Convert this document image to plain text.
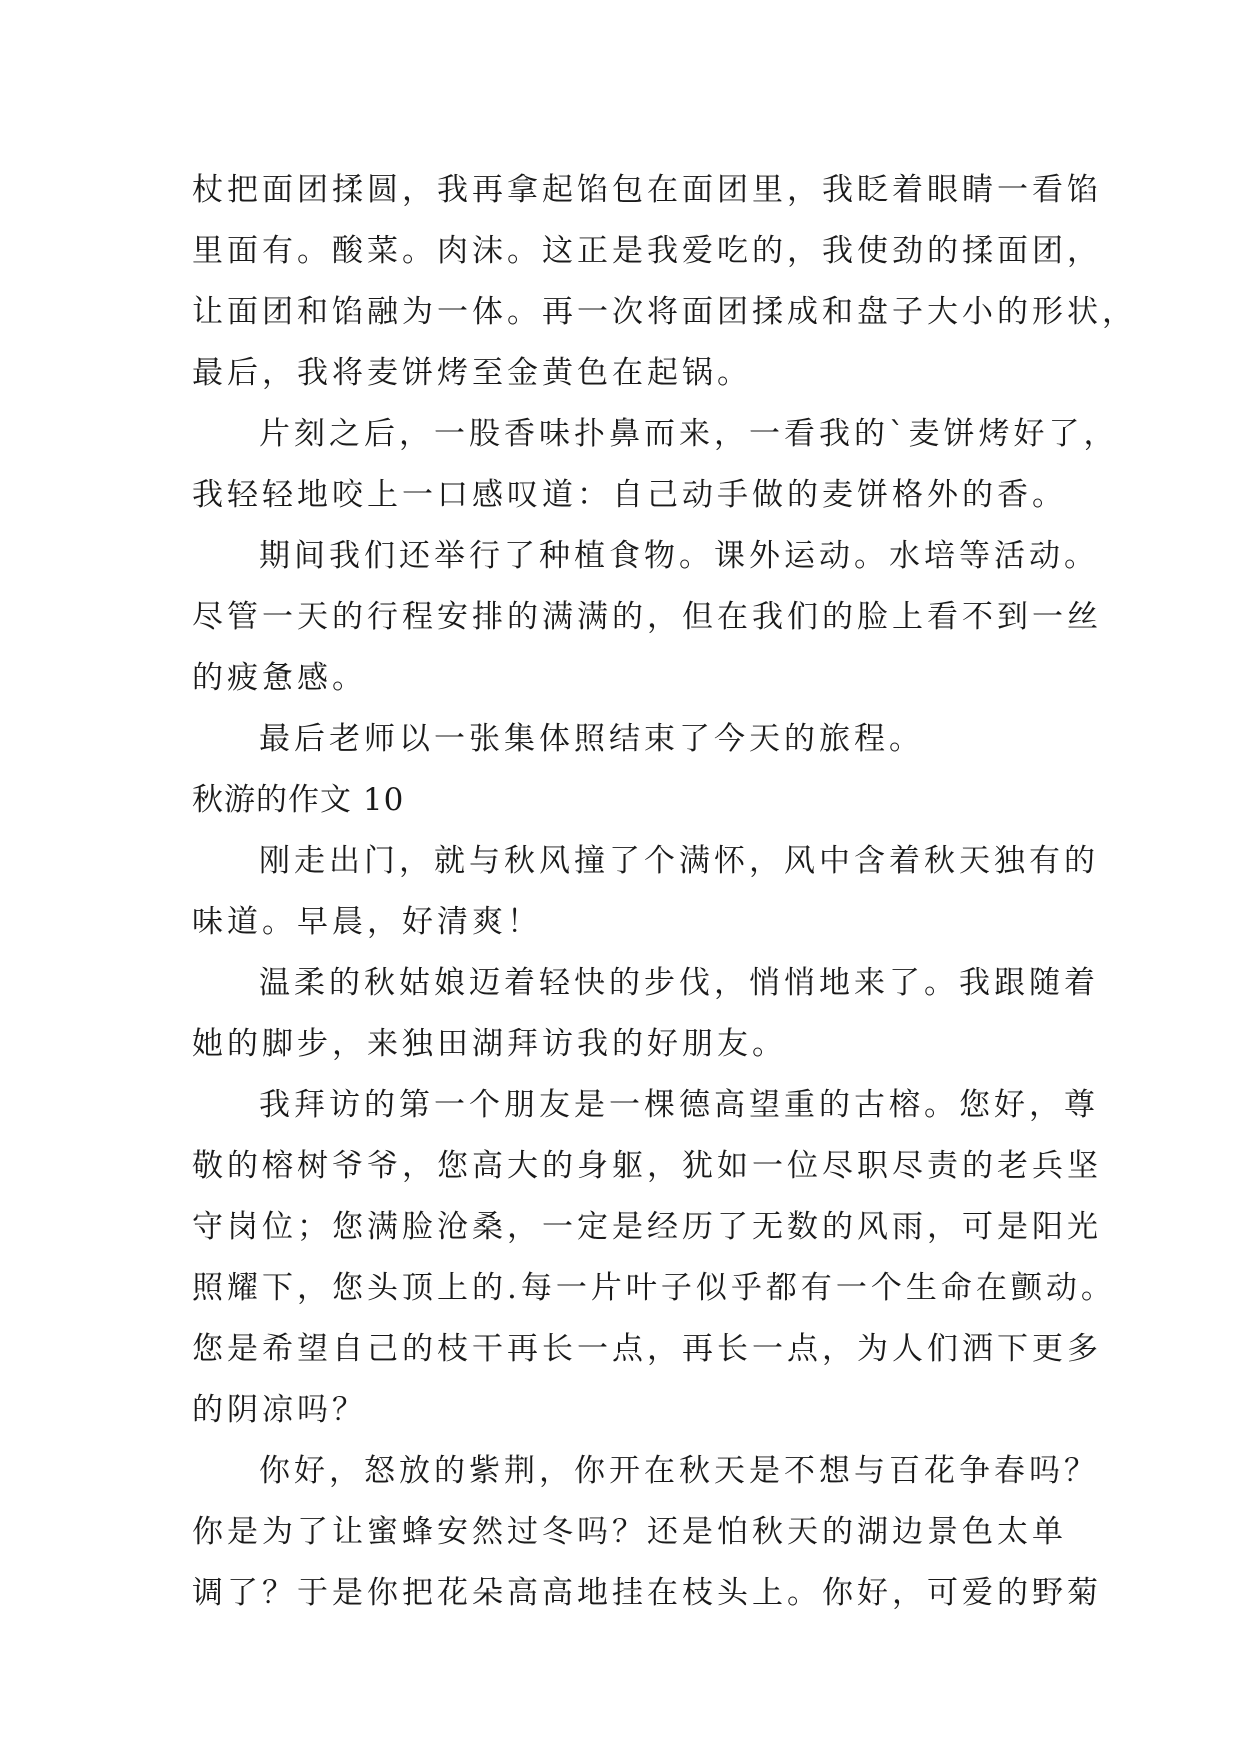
杖把面团揉圆，我再拿起馅包在面团里，我眨着眼睛一看馅
里面有。酸菜。肉沫。这正是我爱吃的，我使劲的揉面团，
让面团和馅融为一体。再一次将面团揉成和盘子大小的形状，
最后，我将麦饼烤至金黄色在起锅。
片刻之后，一股香味扑鼻而来，一看我的`麦饼烤好了，
我轻轻地咬上一口感叹道：自己动手做的麦饼格外的香。
期间我们还举行了种植食物。课外运动。水培等活动。
尽管一天的行程安排的满满的，但在我们的脸上看不到一丝
的疲惫感。
最后老师以一张集体照结束了今天的旅程。
秋游的作文 10
刚走出门，就与秋风撞了个满怀，风中含着秋天独有的
味道。早晨，好清爽！
温柔的秋姑娘迈着轻快的步伐，悄悄地来了。我跟随着
她的脚步，来独田湖拜访我的好朋友。
我拜访的第一个朋友是一棵德高望重的古榕。您好，尊
敬的榕树爷爷，您高大的身躯，犹如一位尽职尽责的老兵坚
守岗位；您满脸沧桑，一定是经历了无数的风雨，可是阳光
照耀下，您头顶上的.每一片叶子似乎都有一个生命在颤动。
您是希望自己的枝干再长一点，再长一点，为人们洒下更多
的阴凉吗？
你好，怒放的紫荆，你开在秋天是不想与百花争春吗？
你是为了让蜜蜂安然过冬吗？还是怕秋天的湖边景色太单
调了？于是你把花朵高高地挂在枝头上。你好，可爱的野菊
